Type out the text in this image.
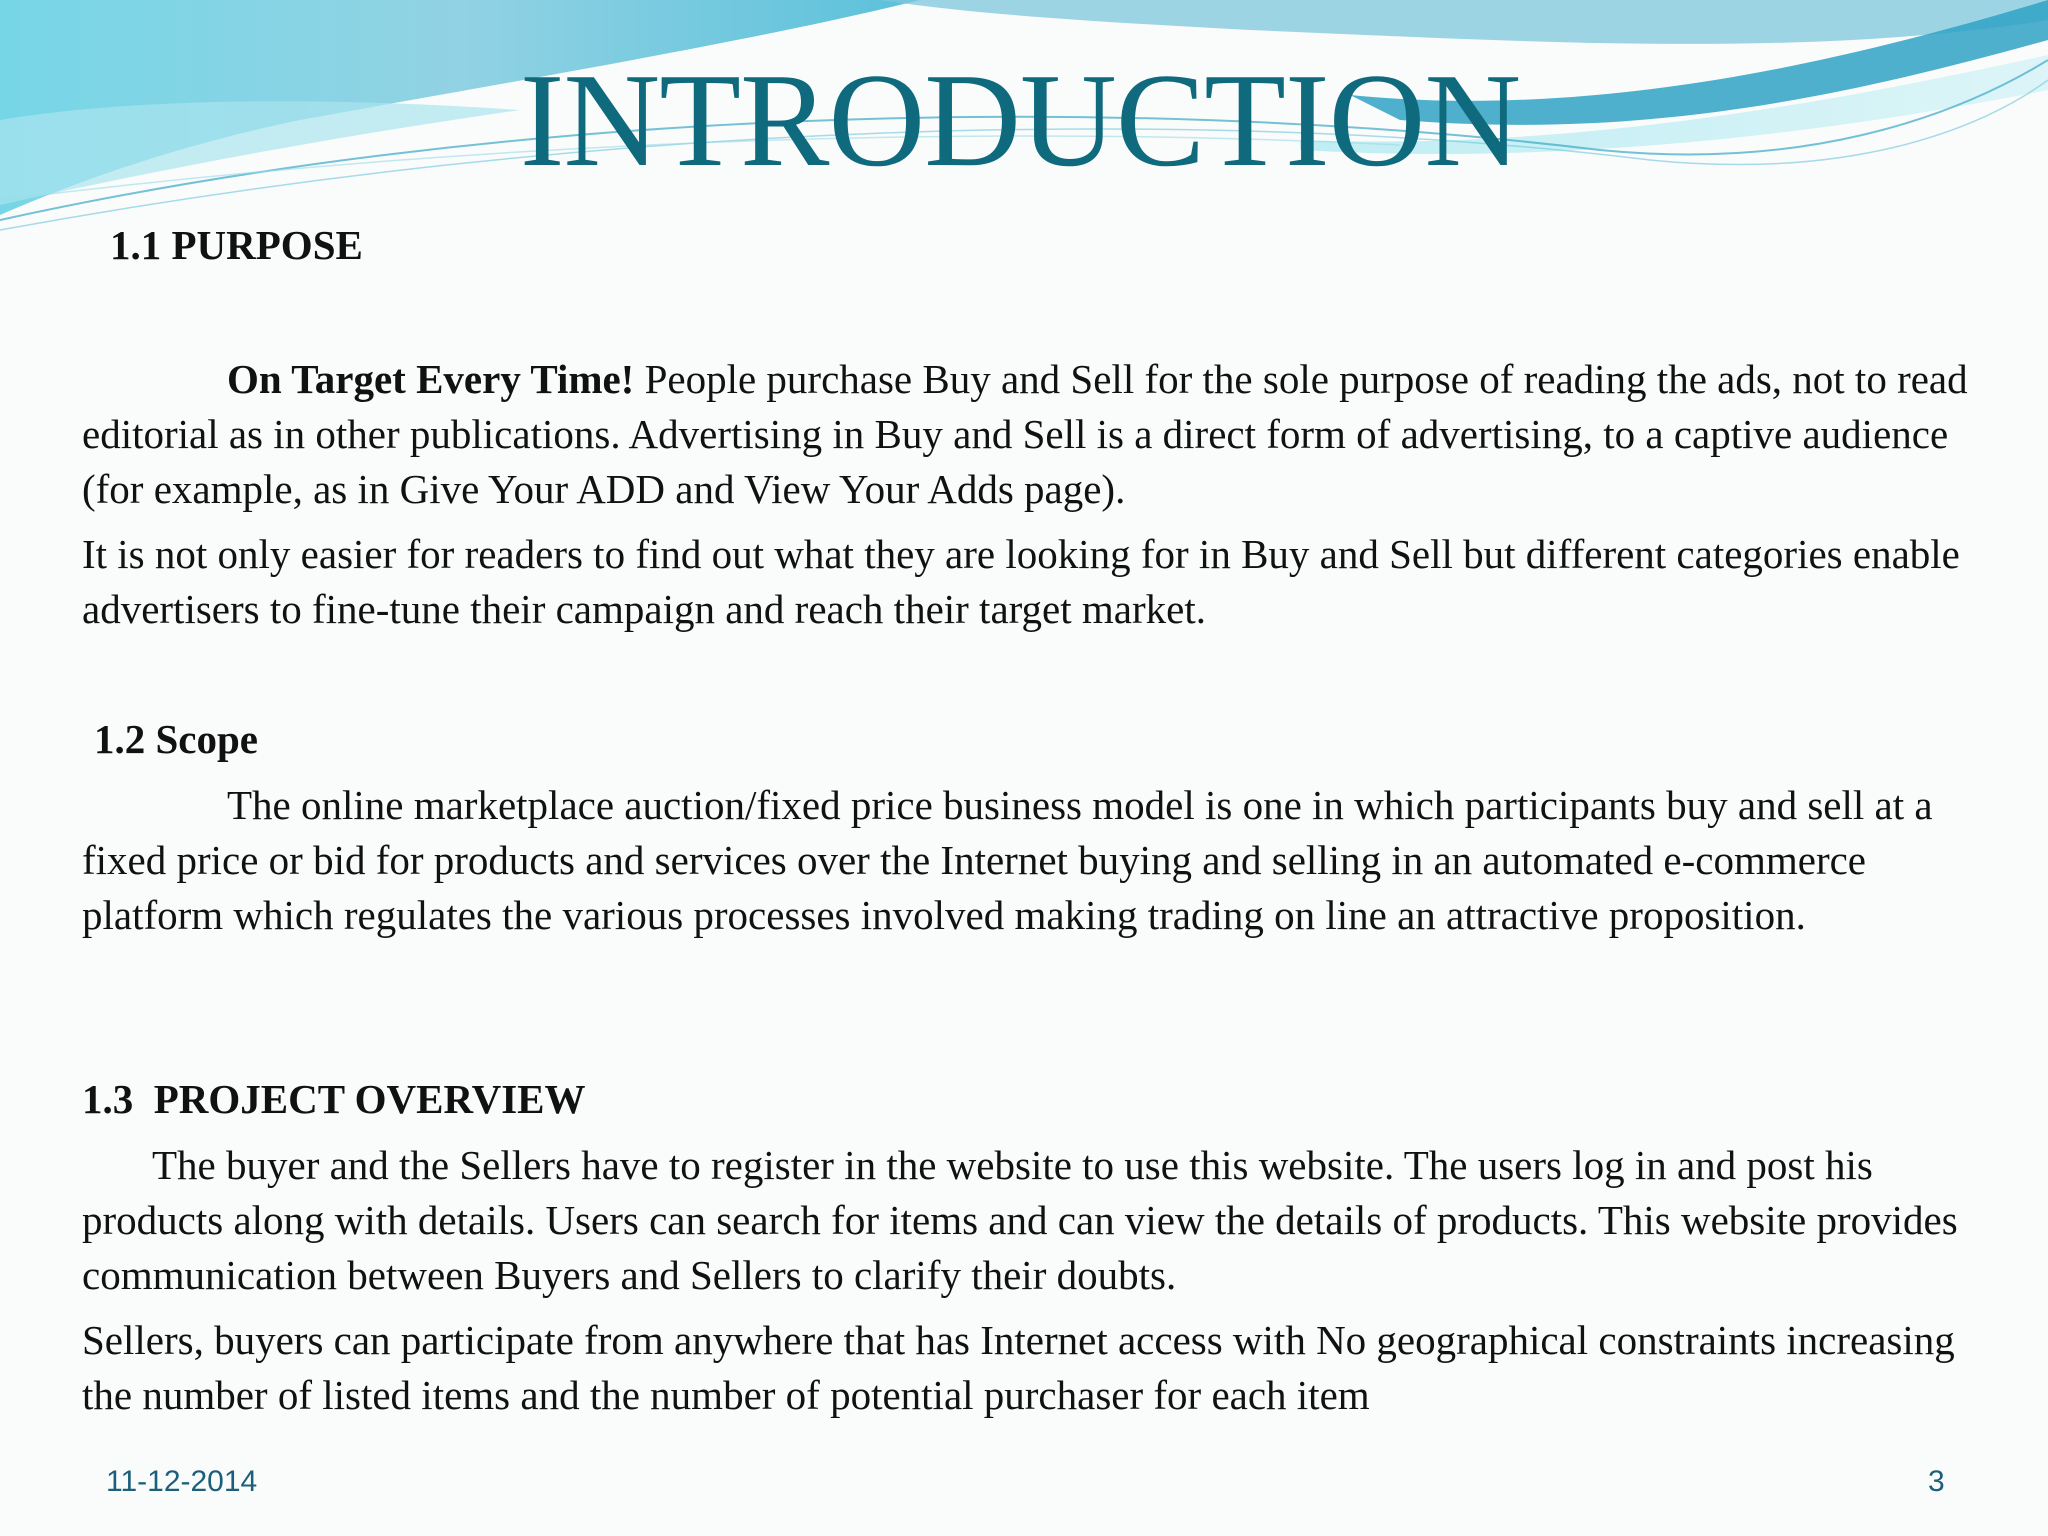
INTRODUCTION
1.1 PURPOSE

On Target Every Time! People purchase Buy and Sell for the sole purpose of reading the ads, not to read editorial as in other publications. Advertising in Buy and Sell is a direct form of advertising, to a captive audience (for example, as in Give Your ADD and View Your Adds page).

It is not only easier for readers to find out what they are looking for in Buy and Sell but different categories enable advertisers to fine-tune their campaign and reach their target market.

1.2 Scope

The online marketplace auction/fixed price business model is one in which participants buy and sell at a fixed price or bid for products and services over the Internet buying and selling in an automated e-commerce platform which regulates the various processes involved making trading on line an attractive proposition.

1.3  PROJECT OVERVIEW

The buyer and the Sellers have to register in the website to use this website. The users log in and post his products along with details. Users can search for items and can view the details of products. This website provides communication between Buyers and Sellers to clarify their doubts.

Sellers, buyers can participate from anywhere that has Internet access with No geographical constraints increasing the number of listed items and the number of potential purchaser for each item

11-12-2014	3
